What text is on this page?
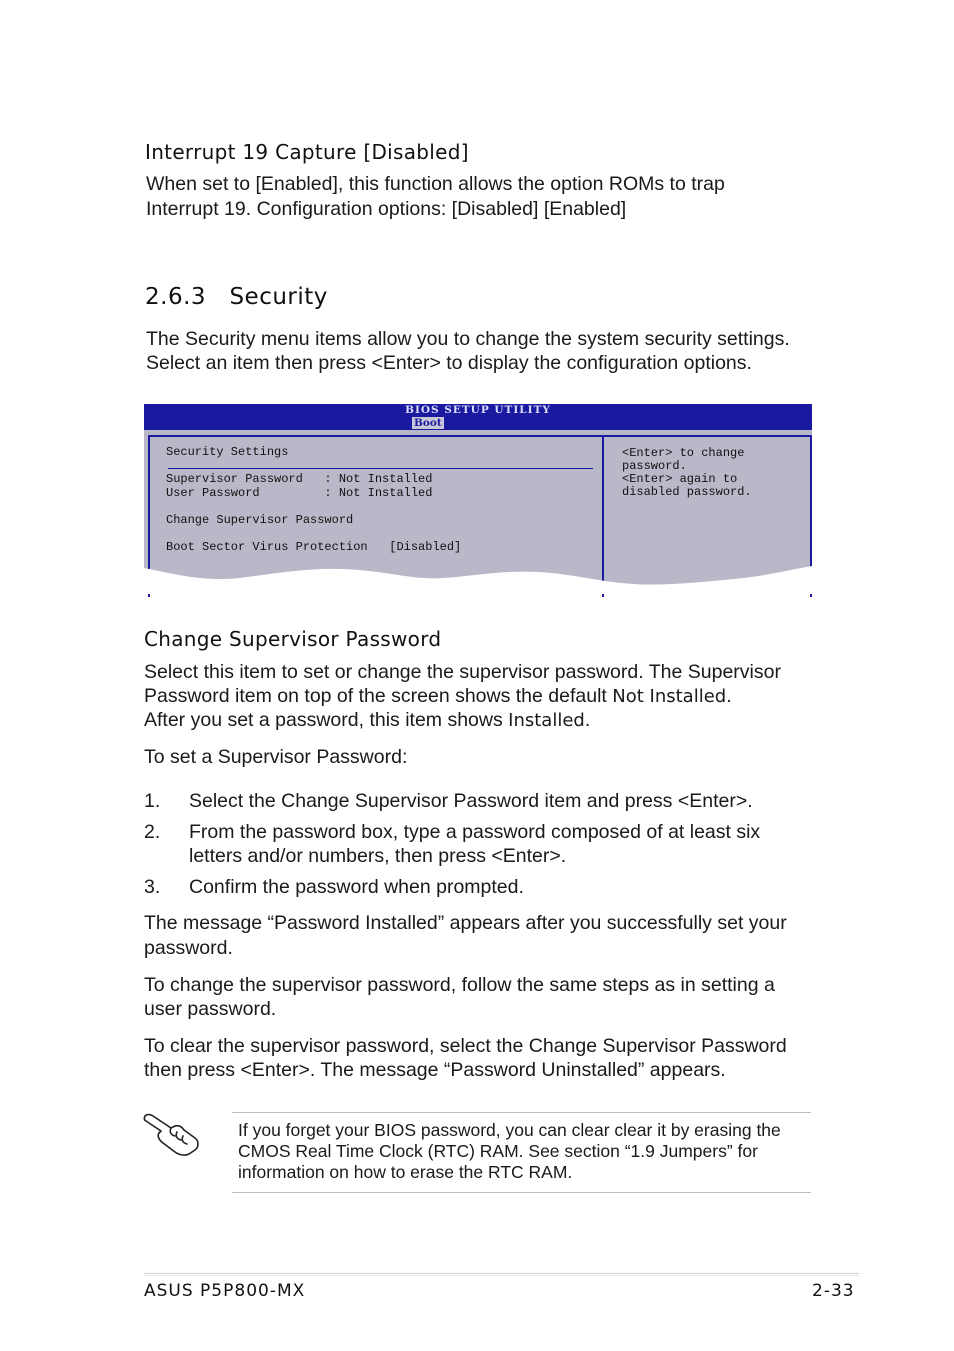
Interrupt 19 Capture [Disabled]

When set to [Enabled], this function allows the option ROMs to trap

Interrupt 19. Configuration options: [Disabled] [Enabled]

2.6.3   Security

The Security menu items allow you to change the system security settings.

Select an item then press <Enter> to display the configuration options.

BIOS SETUP UTILITY
Boot
Security Settings
Supervisor Password   : Not Installed
User Password         : Not Installed
Change Supervisor Password
Boot Sector Virus Protection   [Disabled]
<Enter> to change
password.
<Enter> again to
disabled password.
Change Supervisor Password

Select this item to set or change the supervisor password. The Supervisor

Password item on top of the screen shows the default Not Installed.

After you set a password, this item shows Installed.

To set a Supervisor Password:

1. Select the Change Supervisor Password item and press <Enter>.

2. From the password box, type a password composed of at least six

letters and/or numbers, then press <Enter>.

3. Confirm the password when prompted.

The message “Password Installed” appears after you successfully set your

password.

To change the supervisor password, follow the same steps as in setting a

user password.

To clear the supervisor password, select the Change Supervisor Password

then press <Enter>. The message “Password Uninstalled” appears.

If you forget your BIOS password, you can clear clear it by erasing the

CMOS Real Time Clock (RTC) RAM. See section “1.9 Jumpers” for

information on how to erase the RTC RAM.

ASUS P5P800-MX	2-33
